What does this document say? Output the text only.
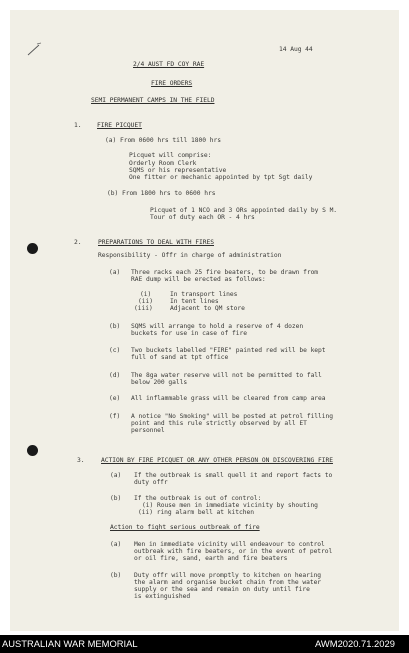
14 Aug 44
2/4 AUST FD COY RAE
FIRE ORDERS
SEMI PERMANENT CAMPS IN THE FIELD
1. FIRE PICQUET
(a) From 0600 hrs till 1800 hrs
Picquet will comprise:
Orderly Room Clerk
SQMS or his representative
One fitter or mechanic appointed by tpt Sgt daily
(b) From 1800 hrs to 0600 hrs
Picquet of 1 NCO and 3 ORs appointed daily by S M.
Tour of duty each OR - 4 hrs
2.	PREPARATIONS TO DEAL WITH FIRES
Responsibility - Offr in charge of administration
(a) Three racks each 25 fire beaters, to be drawn from
RAE dump will be erected as follows:
(i)	In transport lines
(ii)	In tent lines
(iii)	Adjacent to QM store
(b) SQMS will arrange to hold a reserve of 4 dozen
buckets for use in case of fire
(c) Two buckets labelled "FIRE" painted red will be kept
full of sand at tpt office
(d) The 8ga water reserve will not be permitted to fall
below 200 galls
(e) All inflammable grass will be cleared from camp area
(f) A notice "No Smoking" will be posted at petrol filling
point and this rule strictly observed by all ET
personnel
3.	ACTION BY FIRE PICQUET OR ANY OTHER PERSON ON DISCOVERING FIRE
(a) If the outbreak is small quell it and report facts to
duty offr
(b) If the outbreak is out of control:
(i) Rouse men in immediate vicinity by shouting
(ii) ring alarm bell at kitchen
Action to fight serious outbreak of fire
(a) Men in immediate vicinity will endeavour to control
outbreak with fire beaters, or in the event of petrol
or oil fire, sand, earth and fire beaters
(b) Duty offr will move promptly to kitchen on hearing
the alarm and organise bucket chain from the water
supply or the sea and remain on duty until fire
is extinguished
AUSTRALIAN WAR MEMORIAL	AWM2020.71.2029
